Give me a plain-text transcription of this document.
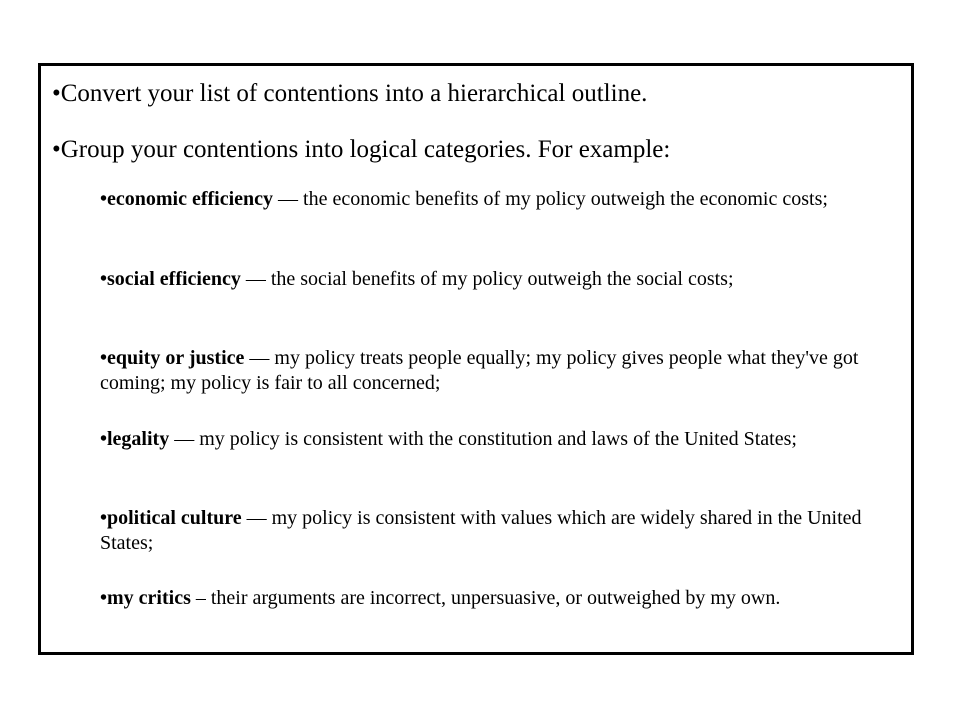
•Convert your list of contentions into a hierarchical outline.

•Group your contentions into logical categories. For example:

•economic efficiency — the economic benefits of my policy outweigh the economic costs;

•social efficiency — the social benefits of my policy outweigh the social costs;

•equity or justice — my policy treats people equally; my policy gives people what they've got coming; my policy is fair to all concerned;

•legality — my policy is consistent with the constitution and laws of the United States;

•political culture — my policy is consistent with values which are widely shared in the United States;

•my critics – their arguments are incorrect, unpersuasive, or outweighed by my own.
